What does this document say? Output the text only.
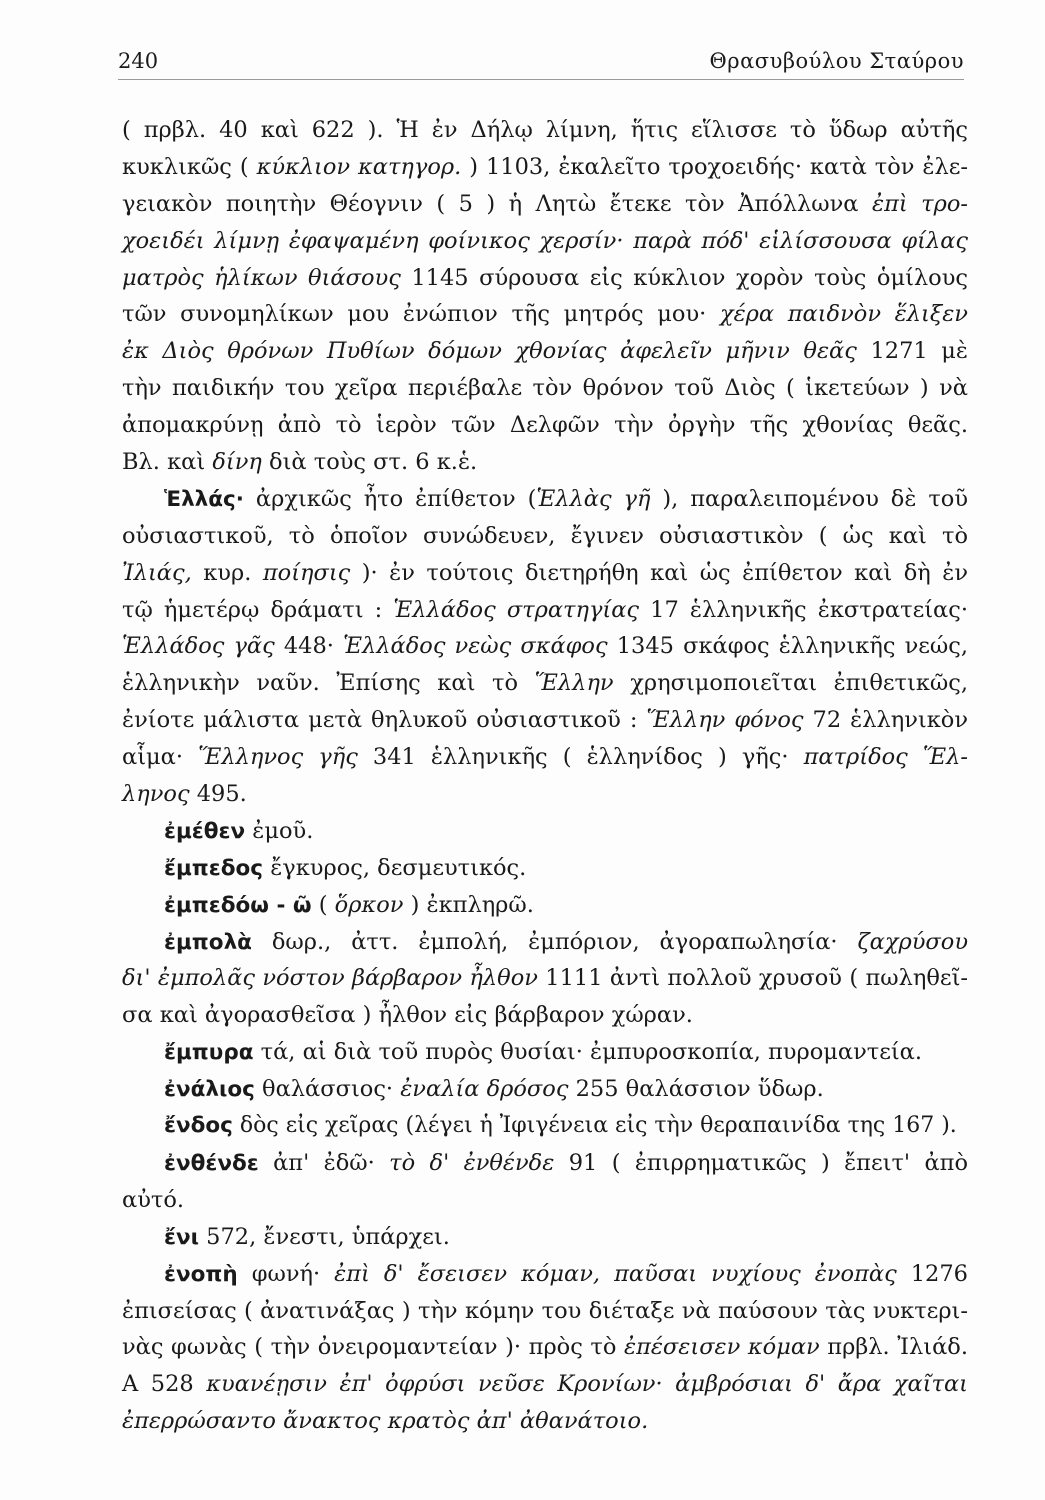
240	Θρασυβούλου Σταύρου
( πρβλ. 40 καὶ 622 ). Ἡ ἐν Δήλῳ λίμνη, ἥτις εἵλισσε τὸ ὕδωρ αὐτῆς
κυκλικῶς ( κύκλιον κατηγορ. ) 1103, ἐκαλεῖτο τροχοειδής· κατὰ τὸν ἐλε-
γειακὸν ποιητὴν Θέογνιν ( 5 ) ἡ Λητὼ ἔτεκε τὸν Ἀπόλλωνα ἐπὶ τρο-
χοειδέι λίμνῃ ἐφαψαμένη φοίνικος χερσίν· παρὰ πόδ' εἱλίσσουσα φίλας
ματρὸς ἡλίκων θιάσους 1145 σύρουσα εἰς κύκλιον χορὸν τοὺς ὁμίλους
τῶν συνομηλίκων μου ἐνώπιον τῆς μητρός μου· χέρα παιδνὸν ἕλιξεν
ἐκ Διὸς θρόνων Πυθίων δόμων χθονίας ἀφελεῖν μῆνιν θεᾶς 1271 μὲ
τὴν παιδικήν του χεῖρα περιέβαλε τὸν θρόνον τοῦ Διὸς ( ἱκετεύων ) νὰ
ἀπομακρύνῃ ἀπὸ τὸ ἱερὸν τῶν Δελφῶν τὴν ὀργὴν τῆς χθονίας θεᾶς.
Βλ. καὶ δίνη διὰ τοὺς στ. 6 κ.ἑ.
Ἑλλάς· ἀρχικῶς ἦτο ἐπίθετον (Ἑλλὰς γῆ ), παραλειπομένου δὲ τοῦ
οὐσιαστικοῦ, τὸ ὁποῖον συνώδευεν, ἔγινεν οὐσιαστικὸν ( ὡς καὶ τὸ
Ἰλιάς, κυρ. ποίησις )· ἐν τούτοις διετηρήθη καὶ ὡς ἐπίθετον καὶ δὴ ἐν
τῷ ἡμετέρῳ δράματι : Ἑλλάδος στρατηγίας 17 ἑλληνικῆς ἐκστρατείας·
Ἑλλάδος γᾶς 448· Ἑλλάδος νεὼς σκάφος 1345 σκάφος ἑλληνικῆς νεώς,
ἑλληνικὴν ναῦν. Ἐπίσης καὶ τὸ Ἕλλην χρησιμοποιεῖται ἐπιθετικῶς,
ἐνίοτε μάλιστα μετὰ θηλυκοῦ οὐσιαστικοῦ : Ἕλλην φόνος 72 ἑλληνικὸν
αἷμα· Ἕλληνος γῆς 341 ἑλληνικῆς ( ἑλληνίδος ) γῆς· πατρίδος Ἕλ-
ληνος 495.
ἐμέθεν ἐμοῦ.
ἔμπεδος ἔγκυρος, δεσμευτικός.
ἐμπεδόω - ῶ ( ὅρκον ) ἐκπληρῶ.
ἐμπολὰ δωρ., ἀττ. ἐμπολή, ἐμπόριον, ἀγοραπωλησία· ζαχρύσου
δι' ἐμπολᾶς νόστον βάρβαρον ἦλθον 1111 ἀντὶ πολλοῦ χρυσοῦ ( πωληθεῖ-
σα καὶ ἀγορασθεῖσα ) ἦλθον εἰς βάρβαρον χώραν.
ἔμπυρα τά, αἱ διὰ τοῦ πυρὸς θυσίαι· ἐμπυροσκοπία, πυρομαντεία.
ἐνάλιος θαλάσσιος· ἐναλία δρόσος 255 θαλάσσιον ὕδωρ.
ἔνδος δὸς εἰς χεῖρας (λέγει ἡ Ἰφιγένεια εἰς τὴν θεραπαινίδα της 167 ).
ἐνθένδε ἀπ' ἐδῶ· τὸ δ' ἐνθένδε 91 ( ἐπιρρηματικῶς ) ἔπειτ' ἀπὸ
αὐτό.
ἔνι 572, ἔνεστι, ὑπάρχει.
ἐνοπὴ φωνή· ἐπὶ δ' ἔσεισεν κόμαν, παῦσαι νυχίους ἐνοπὰς 1276
ἐπισείσας ( ἀνατινάξας ) τὴν κόμην του διέταξε νὰ παύσουν τὰς νυκτερι-
νὰς φωνὰς ( τὴν ὀνειρομαντείαν )· πρὸς τὸ ἐπέσεισεν κόμαν πρβλ. Ἰλιάδ.
Α 528 κυανέῃσιν ἐπ' ὀφρύσι νεῦσε Κρονίων· ἀμβρόσιαι δ' ἄρα χαῖται
ἐπερρώσαντο ἄνακτος κρατὸς ἀπ' ἀθανάτοιο.
